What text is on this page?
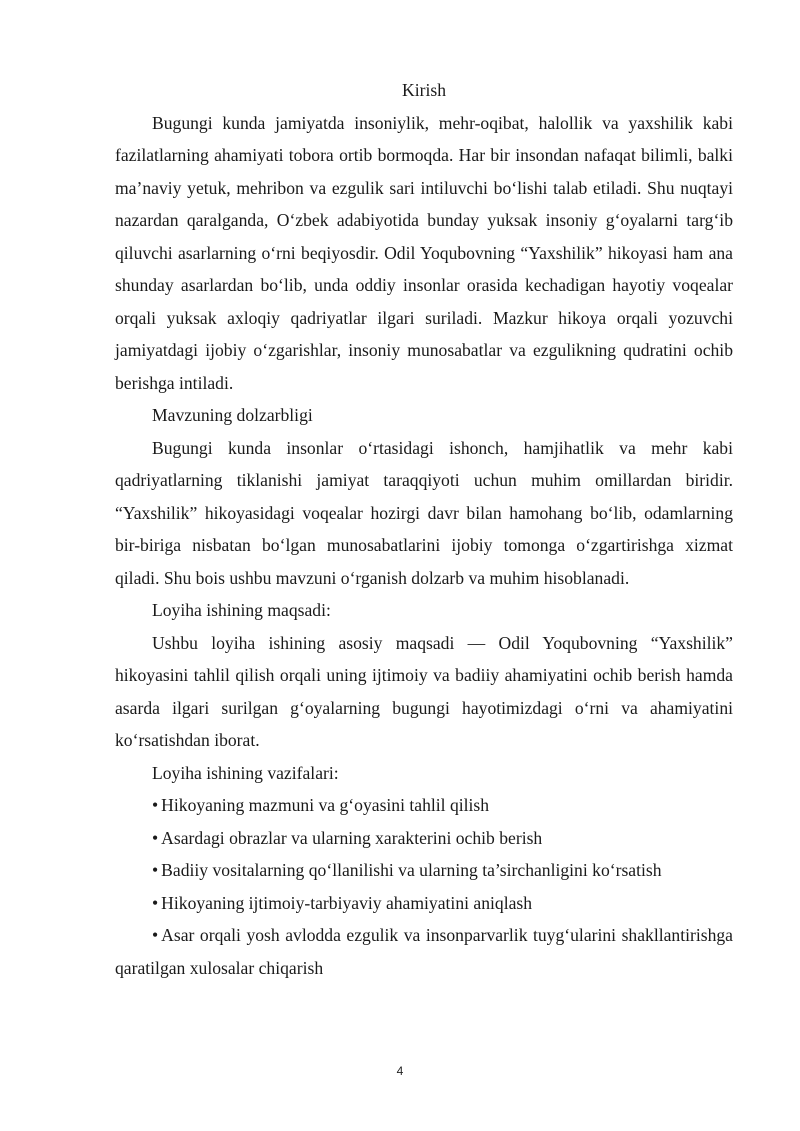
Kirish

Bugungi kunda jamiyatda insoniylik, mehr-oqibat, halollik va yaxshilik kabi fazilatlarning ahamiyati tobora ortib bormoqda. Har bir insondan nafaqat bilimli, balki ma’naviy yetuk, mehribon va ezgulik sari intiluvchi bo‘lishi talab etiladi. Shu nuqtayi nazardan qaralganda, O‘zbek adabiyotida bunday yuksak insoniy g‘oyalarni targ‘ib qiluvchi asarlarning o‘rni beqiyosdir. Odil Yoqubovning “Yaxshilik” hikoyasi ham ana shunday asarlardan bo‘lib, unda oddiy insonlar orasida kechadigan hayotiy voqealar orqali yuksak axloqiy qadriyatlar ilgari suriladi. Mazkur hikoya orqali yozuvchi jamiyatdagi ijobiy o‘zgarishlar, insoniy munosabatlar va ezgulikning qudratini ochib berishga intiladi.

Mavzuning dolzarbligi

Bugungi kunda insonlar o‘rtasidagi ishonch, hamjihatlik va mehr kabi qadriyatlarning tiklanishi jamiyat taraqqiyoti uchun muhim omillardan biridir. “Yaxshilik” hikoyasidagi voqealar hozirgi davr bilan hamohang bo‘lib, odamlarning bir-biriga nisbatan bo‘lgan munosabatlarini ijobiy tomonga o‘zgartirishga xizmat qiladi. Shu bois ushbu mavzuni o‘rganish dolzarb va muhim hisoblanadi.

Loyiha ishining maqsadi:

Ushbu loyiha ishining asosiy maqsadi — Odil Yoqubovning “Yaxshilik” hikoyasini tahlil qilish orqali uning ijtimoiy va badiiy ahamiyatini ochib berish hamda asarda ilgari surilgan g‘oyalarning bugungi hayotimizdagi o‘rni va ahamiyatini ko‘rsatishdan iborat.

Loyiha ishining vazifalari:

• Hikoyaning mazmuni va g‘oyasini tahlil qilish

• Asardagi obrazlar va ularning xarakterini ochib berish

• Badiiy vositalarning qo‘llanilishi va ularning ta’sirchanligini ko‘rsatish

• Hikoyaning ijtimoiy-tarbiyaviy ahamiyatini aniqlash

• Asar orqali yosh avlodda ezgulik va insonparvarlik tuyg‘ularini shakllantirishga qaratilgan xulosalar chiqarish

4
